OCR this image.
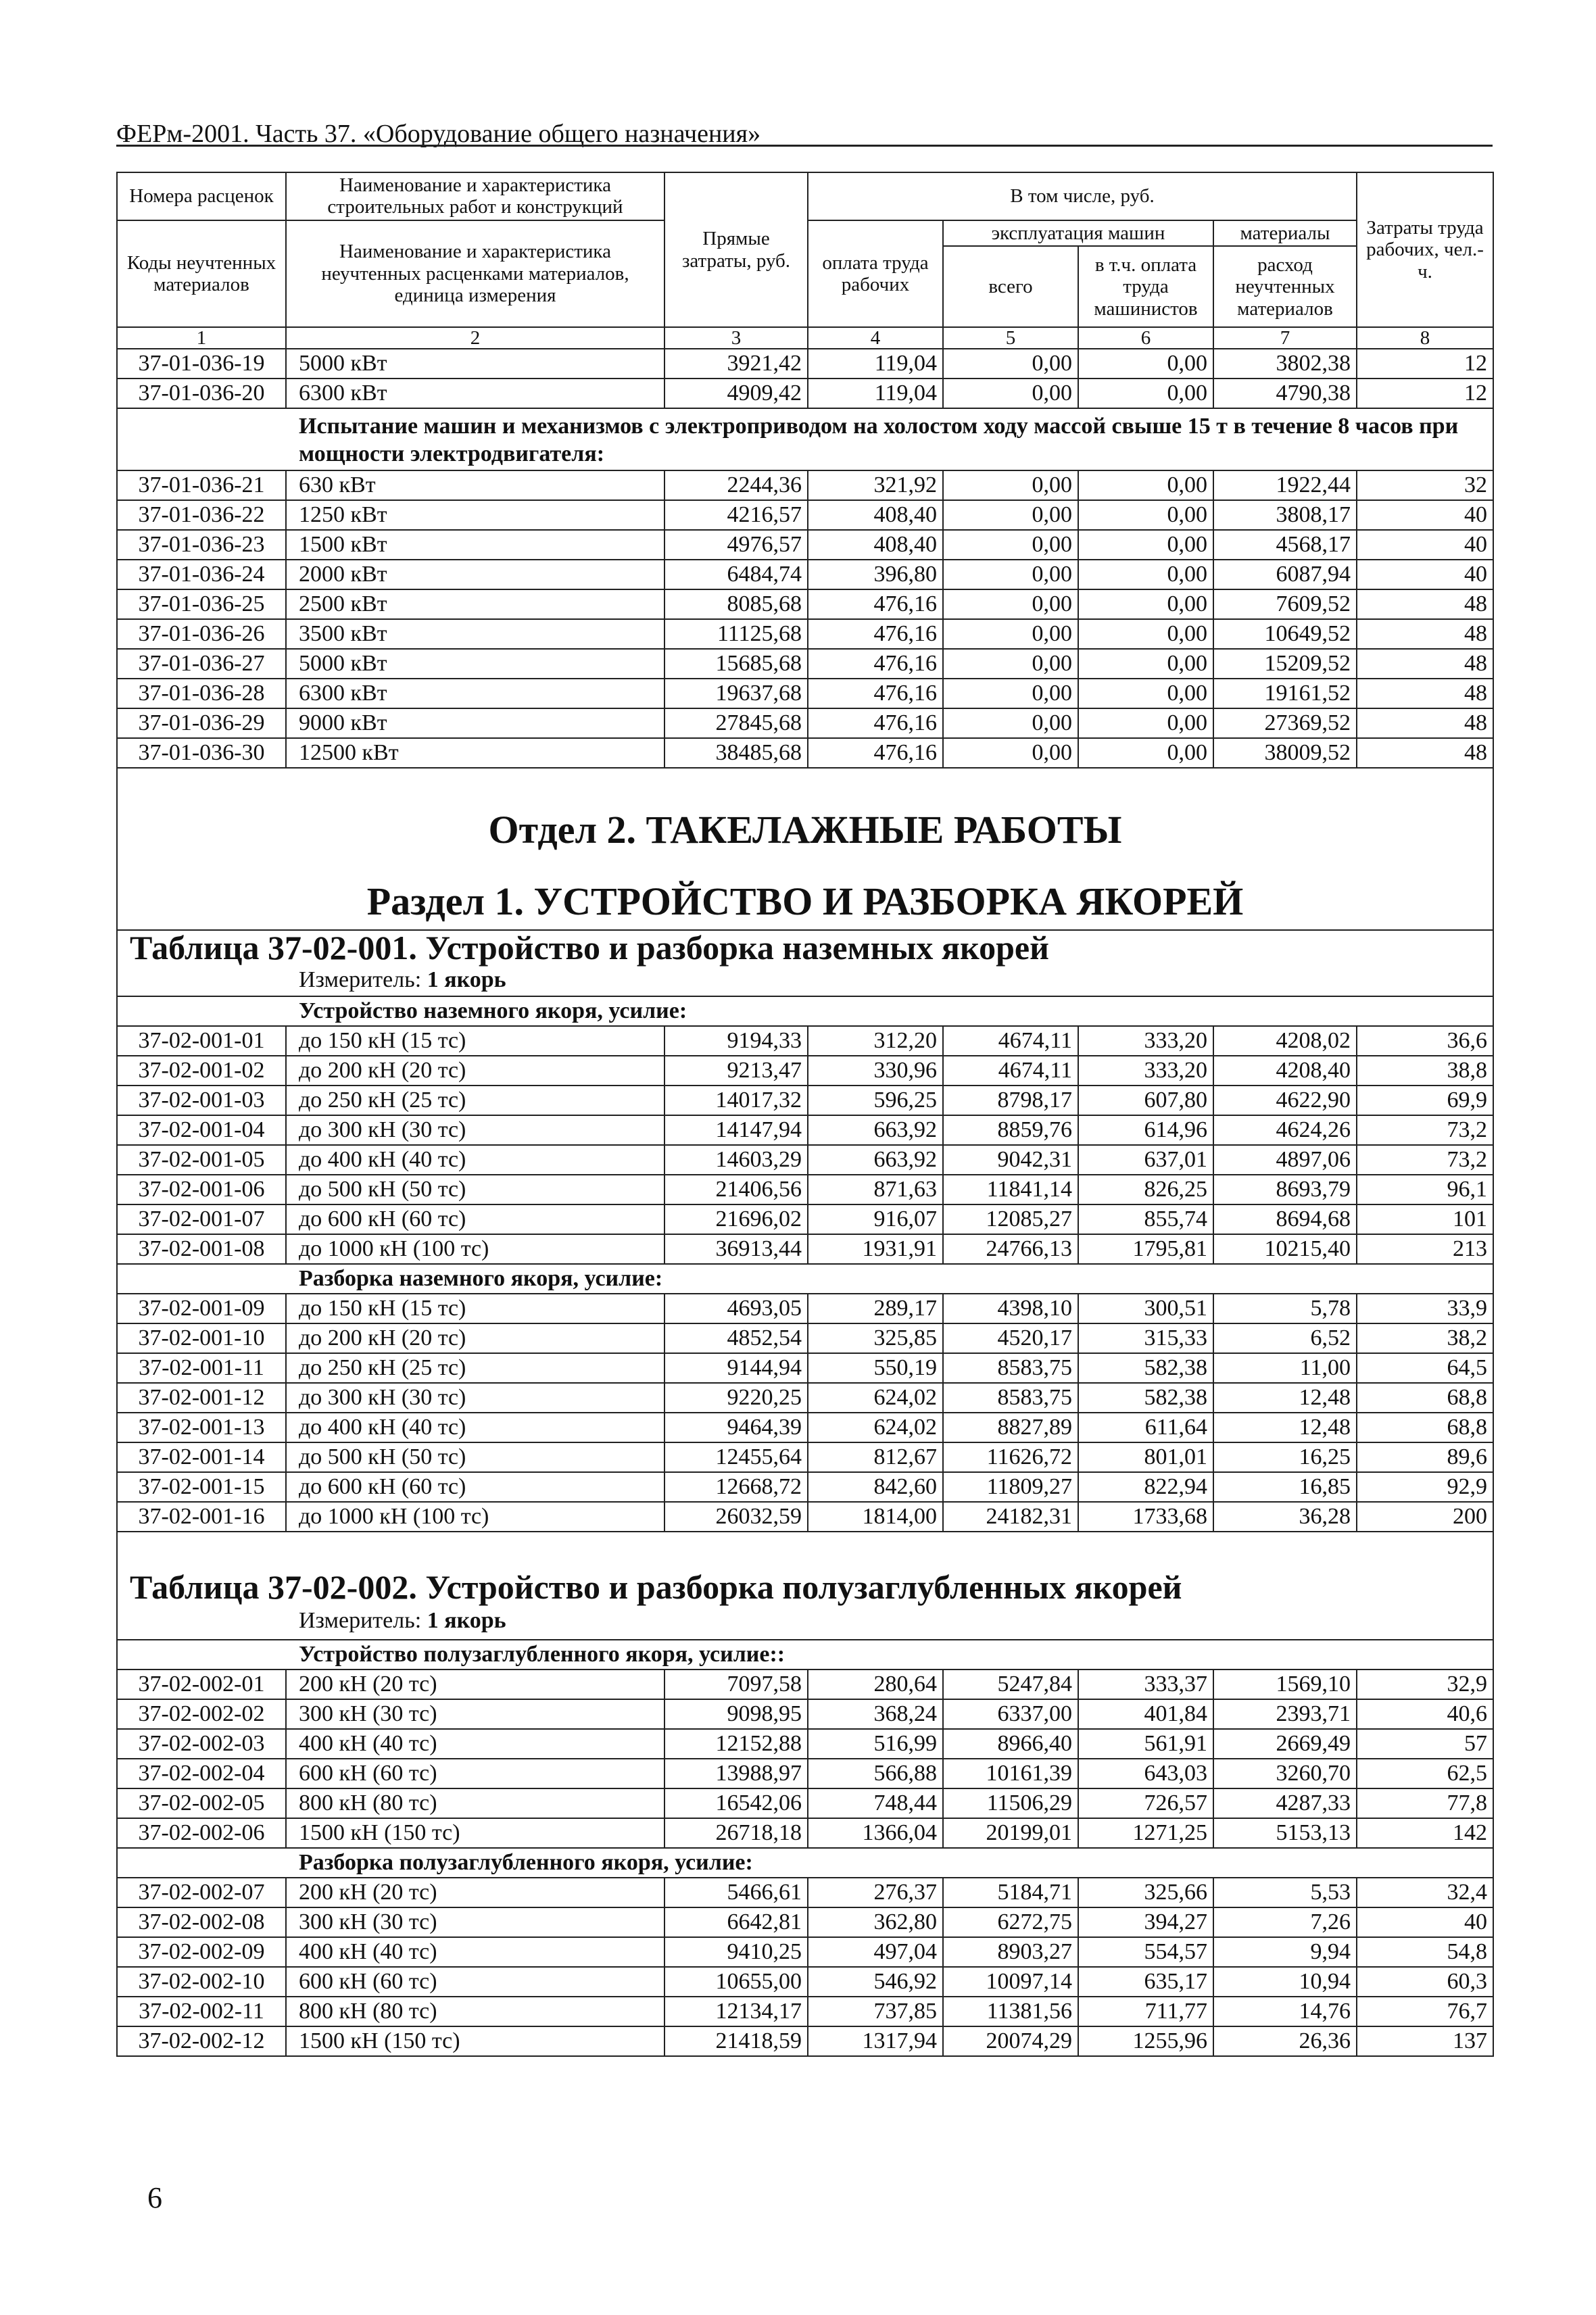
ФЕРм-2001. Часть 37. «Оборудование общего назначения»
Номера расценок	Наименование и характеристика строительных работ и конструкций	Прямые затраты, руб.	В том числе, руб.				Затраты труда рабочих, чел.-ч.
Коды неучтенных материалов	Наименование и характеристика неучтенных расценками материалов, единица измерения		оплата труда рабочих	эксплуатация машин		материалы	
				всего	в т.ч. оплата труда машинистов	расход неучтенных материалов	

1	2	3	4	5	6	7	8
37-01-036-19	5000 кВт	3921,42	119,04	0,00	0,00	3802,38	12
37-01-036-20	6300 кВт	4909,42	119,04	0,00	0,00	4790,38	12
Испытание машин и механизмов с электроприводом на холостом ходу массой свыше 15 т в течение 8 часов при мощности электродвигателя:							
37-01-036-21	630 кВт	2244,36	321,92	0,00	0,00	1922,44	32
37-01-036-22	1250 кВт	4216,57	408,40	0,00	0,00	3808,17	40
37-01-036-23	1500 кВт	4976,57	408,40	0,00	0,00	4568,17	40
37-01-036-24	2000 кВт	6484,74	396,80	0,00	0,00	6087,94	40
37-01-036-25	2500 кВт	8085,68	476,16	0,00	0,00	7609,52	48
37-01-036-26	3500 кВт	11125,68	476,16	0,00	0,00	10649,52	48
37-01-036-27	5000 кВт	15685,68	476,16	0,00	0,00	15209,52	48
37-01-036-28	6300 кВт	19637,68	476,16	0,00	0,00	19161,52	48
37-01-036-29	9000 кВт	27845,68	476,16	0,00	0,00	27369,52	48
37-01-036-30	12500 кВт	38485,68	476,16	0,00	0,00	38009,52	48

Отдел 2. ТАКЕЛАЖНЫЕ РАБОТЫ
Раздел 1. УСТРОЙСТВО И РАЗБОРКА ЯКОРЕЙ							

Таблица 37-02-001. Устройство и разборка наземных якорей
Измеритель: 1 якорь							

Устройство наземного якоря, усилие:							
37-02-001-01	до 150 кН (15 тс)	9194,33	312,20	4674,11	333,20	4208,02	36,6
37-02-001-02	до 200 кН (20 тс)	9213,47	330,96	4674,11	333,20	4208,40	38,8
37-02-001-03	до 250 кН (25 тс)	14017,32	596,25	8798,17	607,80	4622,90	69,9
37-02-001-04	до 300 кН (30 тс)	14147,94	663,92	8859,76	614,96	4624,26	73,2
37-02-001-05	до 400 кН (40 тс)	14603,29	663,92	9042,31	637,01	4897,06	73,2
37-02-001-06	до 500 кН (50 тс)	21406,56	871,63	11841,14	826,25	8693,79	96,1
37-02-001-07	до 600 кН (60 тс)	21696,02	916,07	12085,27	855,74	8694,68	101
37-02-001-08	до 1000 кН (100 тс)	36913,44	1931,91	24766,13	1795,81	10215,40	213
Разборка наземного якоря, усилие:							
37-02-001-09	до 150 кН (15 тс)	4693,05	289,17	4398,10	300,51	5,78	33,9
37-02-001-10	до 200 кН (20 тс)	4852,54	325,85	4520,17	315,33	6,52	38,2
37-02-001-11	до 250 кН (25 тс)	9144,94	550,19	8583,75	582,38	11,00	64,5
37-02-001-12	до 300 кН (30 тс)	9220,25	624,02	8583,75	582,38	12,48	68,8
37-02-001-13	до 400 кН (40 тс)	9464,39	624,02	8827,89	611,64	12,48	68,8
37-02-001-14	до 500 кН (50 тс)	12455,64	812,67	11626,72	801,01	16,25	89,6
37-02-001-15	до 600 кН (60 тс)	12668,72	842,60	11809,27	822,94	16,85	92,9
37-02-001-16	до 1000 кН (100 тс)	26032,59	1814,00	24182,31	1733,68	36,28	200

Таблица 37-02-002. Устройство и разборка полузаглубленных якорей
Измеритель: 1 якорь							

Устройство полузаглубленного якоря, усилие::							
37-02-002-01	200 кН (20 тс)	7097,58	280,64	5247,84	333,37	1569,10	32,9
37-02-002-02	300 кН (30 тс)	9098,95	368,24	6337,00	401,84	2393,71	40,6
37-02-002-03	400 кН (40 тс)	12152,88	516,99	8966,40	561,91	2669,49	57
37-02-002-04	600 кН (60 тс)	13988,97	566,88	10161,39	643,03	3260,70	62,5
37-02-002-05	800 кН (80 тс)	16542,06	748,44	11506,29	726,57	4287,33	77,8
37-02-002-06	1500 кН (150 тс)	26718,18	1366,04	20199,01	1271,25	5153,13	142
Разборка полузаглубленного якоря, усилие:							
37-02-002-07	200 кН (20 тс)	5466,61	276,37	5184,71	325,66	5,53	32,4
37-02-002-08	300 кН (30 тс)	6642,81	362,80	6272,75	394,27	7,26	40
37-02-002-09	400 кН (40 тс)	9410,25	497,04	8903,27	554,57	9,94	54,8
37-02-002-10	600 кН (60 тс)	10655,00	546,92	10097,14	635,17	10,94	60,3
37-02-002-11	800 кН (80 тс)	12134,17	737,85	11381,56	711,77	14,76	76,7
37-02-002-12	1500 кН (150 тс)	21418,59	1317,94	20074,29	1255,96	26,36	137
6
